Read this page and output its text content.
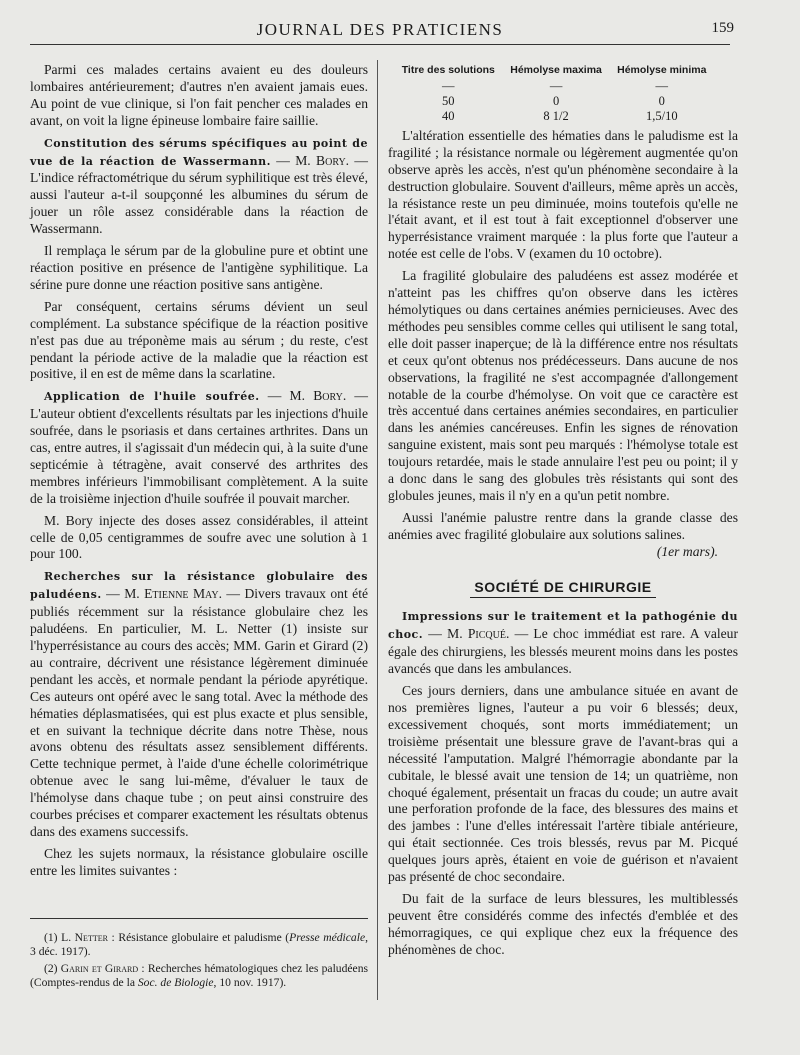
JOURNAL DES PRATICIENS	159

Parmi ces malades certains avaient eu des douleurs lombaires antérieurement; d'autres n'en avaient jamais eues. Au point de vue clinique, si l'on fait pencher ces malades en avant, on voit la ligne épineuse lombaire faire saillie.

Constitution des sérums spécifiques au point de vue de la réaction de Wassermann. — M. Bory. — L'indice réfractométrique du sérum syphilitique est très élevé, aussi l'auteur a-t-il soupçonné les albumines du sérum de jouer un rôle assez considérable dans la réaction de Wassermann.

Il remplaça le sérum par de la globuline pure et obtint une réaction positive en présence de l'antigène syphilitique. La sérine pure donne une réaction positive sans antigène.

Par conséquent, certains sérums dévient un seul complément. La substance spécifique de la réaction positive n'est pas due au tréponème mais au sérum ; du reste, c'est pendant la période active de la maladie que la réaction est positive, il en est de même dans la scarlatine.

Application de l'huile soufrée. — M. Bory. — L'auteur obtient d'excellents résultats par les injections d'huile soufrée, dans le psoriasis et dans certaines arthrites. Dans un cas, entre autres, il s'agissait d'un médecin qui, à la suite d'une septicémie à tétragène, avait conservé des arthrites des membres inférieurs l'immobilisant complètement. A la suite de la troisième injection d'huile soufrée il pouvait marcher.

M. Bory injecte des doses assez considérables, il atteint celle de 0,05 centigrammes de soufre avec une solution à 1 pour 100.

Recherches sur la résistance globulaire des paludéens. — M. Etienne May. — Divers travaux ont été publiés récemment sur la résistance globulaire chez les paludéens. En particulier, M. L. Netter (1) insiste sur l'hyperrésistance au cours des accès; MM. Garin et Girard (2) au contraire, décrivent une résistance légèrement diminuée pendant les accès, et normale pendant la période apyrétique. Ces auteurs ont opéré avec le sang total. Avec la méthode des hématies déplasmatisées, qui est plus exacte et plus sensible, et en suivant la technique décrite dans notre Thèse, nous avons obtenu des résultats assez sensiblement différents. Cette technique permet, à l'aide d'une échelle colorimétrique obtenue avec le sang lui-même, d'évaluer le taux de l'hémolyse dans chaque tube ; on peut ainsi construire des courbes précises et comparer exactement les résultats obtenus dans des examens successifs.

Chez les sujets normaux, la résistance globulaire oscille entre les limites suivantes :

(1) L. Netter : Résistance globulaire et paludisme (Presse médicale, 3 déc. 1917).

(2) Garin et Girard : Recherches hématologiques chez les paludéens (Comptes-rendus de la Soc. de Biologie, 10 nov. 1917).

Titre des solutions	Hémolyse maxima	Hémolyse minima
—	—	—
50	0	0
40	8 1/2	1,5/10

L'altération essentielle des hématies dans le paludisme est la fragilité ; la résistance normale ou légèrement augmentée qu'on observe après les accès, n'est qu'un phénomène secondaire à la destruction globulaire. Souvent d'ailleurs, même après un accès, la résistance reste un peu diminuée, moins toutefois qu'elle ne l'était avant, et il est tout à fait exceptionnel d'observer une hyperrésistance vraiment marquée : la plus forte que l'auteur a notée est celle de l'obs. V (examen du 10 octobre).

La fragilité globulaire des paludéens est assez modérée et n'atteint pas les chiffres qu'on observe dans les ictères hémolytiques ou dans certaines anémies pernicieuses. Avec des méthodes peu sensibles comme celles qui utilisent le sang total, elle doit passer inaperçue; de là la différence entre nos résultats et ceux qu'ont obtenus nos prédécesseurs. Dans aucune de nos observations, la fragilité ne s'est accompagnée d'allongement notable de la courbe d'hémolyse. On voit que ce caractère est très accentué dans certaines anémies secondaires, en particulier dans les anémies cancéreuses. Enfin les signes de rénovation sanguine existent, mais sont peu marqués : l'hémolyse totale est toujours retardée, mais le stade annulaire l'est peu ou point; il y a donc dans le sang des globules très résistants qui sont des globules jeunes, mais il n'y en a qu'un petit nombre.

Aussi l'anémie palustre rentre dans la grande classe des anémies avec fragilité globulaire aux solutions salines.

(1er mars).

SOCIÉTÉ DE CHIRURGIE

Impressions sur le traitement et la pathogénie du choc. — M. Picqué. — Le choc immédiat est rare. A valeur égale des chirurgiens, les blessés meurent moins dans les postes avancés que dans les ambulances.

Ces jours derniers, dans une ambulance située en avant de nos premières lignes, l'auteur a pu voir 6 blessés; deux, excessivement choqués, sont morts immédiatement; un troisième présentait une blessure grave de l'avant-bras qui a nécessité l'amputation. Malgré l'hémorragie abondante par la cubitale, le blessé avait une tension de 14; un quatrième, non choqué également, présentait un fracas du coude; un autre avait une perforation profonde de la face, des blessures des mains et des jambes : l'une d'elles intéressait l'artère tibiale antérieure, qui était sectionnée. Ces trois blessés, revus par M. Picqué quelques jours après, étaient en voie de guérison et n'avaient pas présenté de choc secondaire.

Du fait de la surface de leurs blessures, les multiblessés peuvent être considérés comme des infectés d'emblée et des hémorragiques, ce qui explique chez eux la fréquence des phénomènes de choc.
